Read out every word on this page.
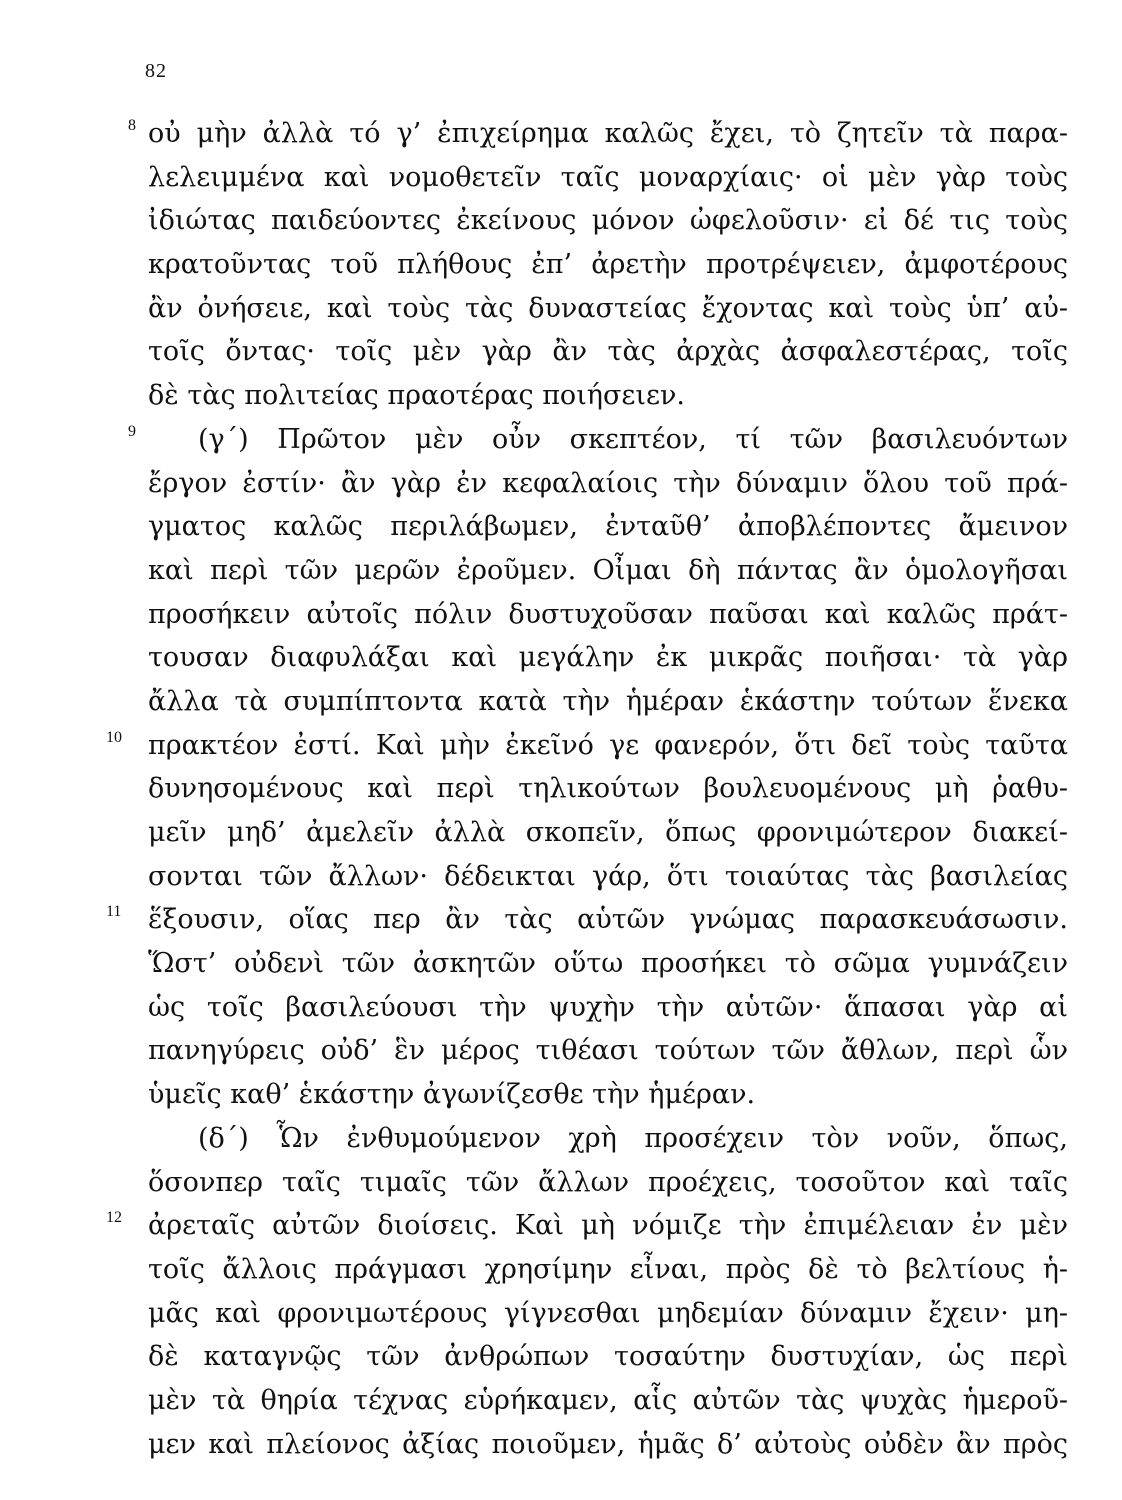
82
8 οὐ μὴν ἀλλὰ τό γ’ ἐπιχείρημα καλῶς ἔχει, τὸ ζητεῖν τὰ παρα-
λελειμμένα καὶ νομοθετεῖν ταῖς μοναρχίαις· οἱ μὲν γὰρ τοὺς
ἰδιώτας παιδεύοντες ἐκείνους μόνον ὠφελοῦσιν· εἰ δέ τις τοὺς
κρατοῦντας τοῦ πλήθους ἐπ’ ἀρετὴν προτρέψειεν, ἀμφοτέρους
ἂν ὀνήσειε, καὶ τοὺς τὰς δυναστείας ἔχοντας καὶ τοὺς ὑπ’ αὐ-
τοῖς ὄντας· τοῖς μὲν γὰρ ἂν τὰς ἀρχὰς ἀσφαλεστέρας, τοῖς
δὲ τὰς πολιτείας πραοτέρας ποιήσειεν.
9 (γ΄) Πρῶτον μὲν οὖν σκεπτέον, τί τῶν βασιλευόντων
ἔργον ἐστίν· ἂν γὰρ ἐν κεφαλαίοις τὴν δύναμιν ὅλου τοῦ πρά-
γματος καλῶς περιλάβωμεν, ἐνταῦθ’ ἀποβλέποντες ἄμεινον
καὶ περὶ τῶν μερῶν ἐροῦμεν. Οἶμαι δὴ πάντας ἂν ὁμολογῆσαι
προσήκειν αὐτοῖς πόλιν δυστυχοῦσαν παῦσαι καὶ καλῶς πράτ-
τουσαν διαφυλάξαι καὶ μεγάλην ἐκ μικρᾶς ποιῆσαι· τὰ γὰρ
ἄλλα τὰ συμπίπτοντα κατὰ τὴν ἡμέραν ἑκάστην τούτων ἕνεκα
10 πρακτέον ἐστί. Καὶ μὴν ἐκεῖνό γε φανερόν, ὅτι δεῖ τοὺς ταῦτα
δυνησομένους καὶ περὶ τηλικούτων βουλευομένους μὴ ῥαθυ-
μεῖν μηδ’ ἀμελεῖν ἀλλὰ σκοπεῖν, ὅπως φρονιμώτερον διακεί-
σονται τῶν ἄλλων· δέδεικται γάρ, ὅτι τοιαύτας τὰς βασιλείας
11 ἕξουσιν, οἵας περ ἂν τὰς αὑτῶν γνώμας παρασκευάσωσιν.
Ὥστ’ οὐδενὶ τῶν ἀσκητῶν οὕτω προσήκει τὸ σῶμα γυμνάζειν
ὡς τοῖς βασιλεύουσι τὴν ψυχὴν τὴν αὑτῶν· ἅπασαι γὰρ αἱ
πανηγύρεις οὐδ’ ἓν μέρος τιθέασι τούτων τῶν ἄθλων, περὶ ὧν
ὑμεῖς καθ’ ἑκάστην ἀγωνίζεσθε τὴν ἡμέραν.
(δ΄) Ὧν ἐνθυμούμενον χρὴ προσέχειν τὸν νοῦν, ὅπως,
ὅσονπερ ταῖς τιμαῖς τῶν ἄλλων προέχεις, τοσοῦτον καὶ ταῖς
12 ἀρεταῖς αὐτῶν διοίσεις. Καὶ μὴ νόμιζε τὴν ἐπιμέλειαν ἐν μὲν
τοῖς ἄλλοις πράγμασι χρησίμην εἶναι, πρὸς δὲ τὸ βελτίους ἡ-
μᾶς καὶ φρονιμωτέρους γίγνεσθαι μηδεμίαν δύναμιν ἔχειν· μη-
δὲ καταγνῷς τῶν ἀνθρώπων τοσαύτην δυστυχίαν, ὡς περὶ
μὲν τὰ θηρία τέχνας εὑρήκαμεν, αἷς αὐτῶν τὰς ψυχὰς ἡμεροῦ-
μεν καὶ πλείονος ἀξίας ποιοῦμεν, ἡμᾶς δ’ αὐτοὺς οὐδὲν ἂν πρὸς
